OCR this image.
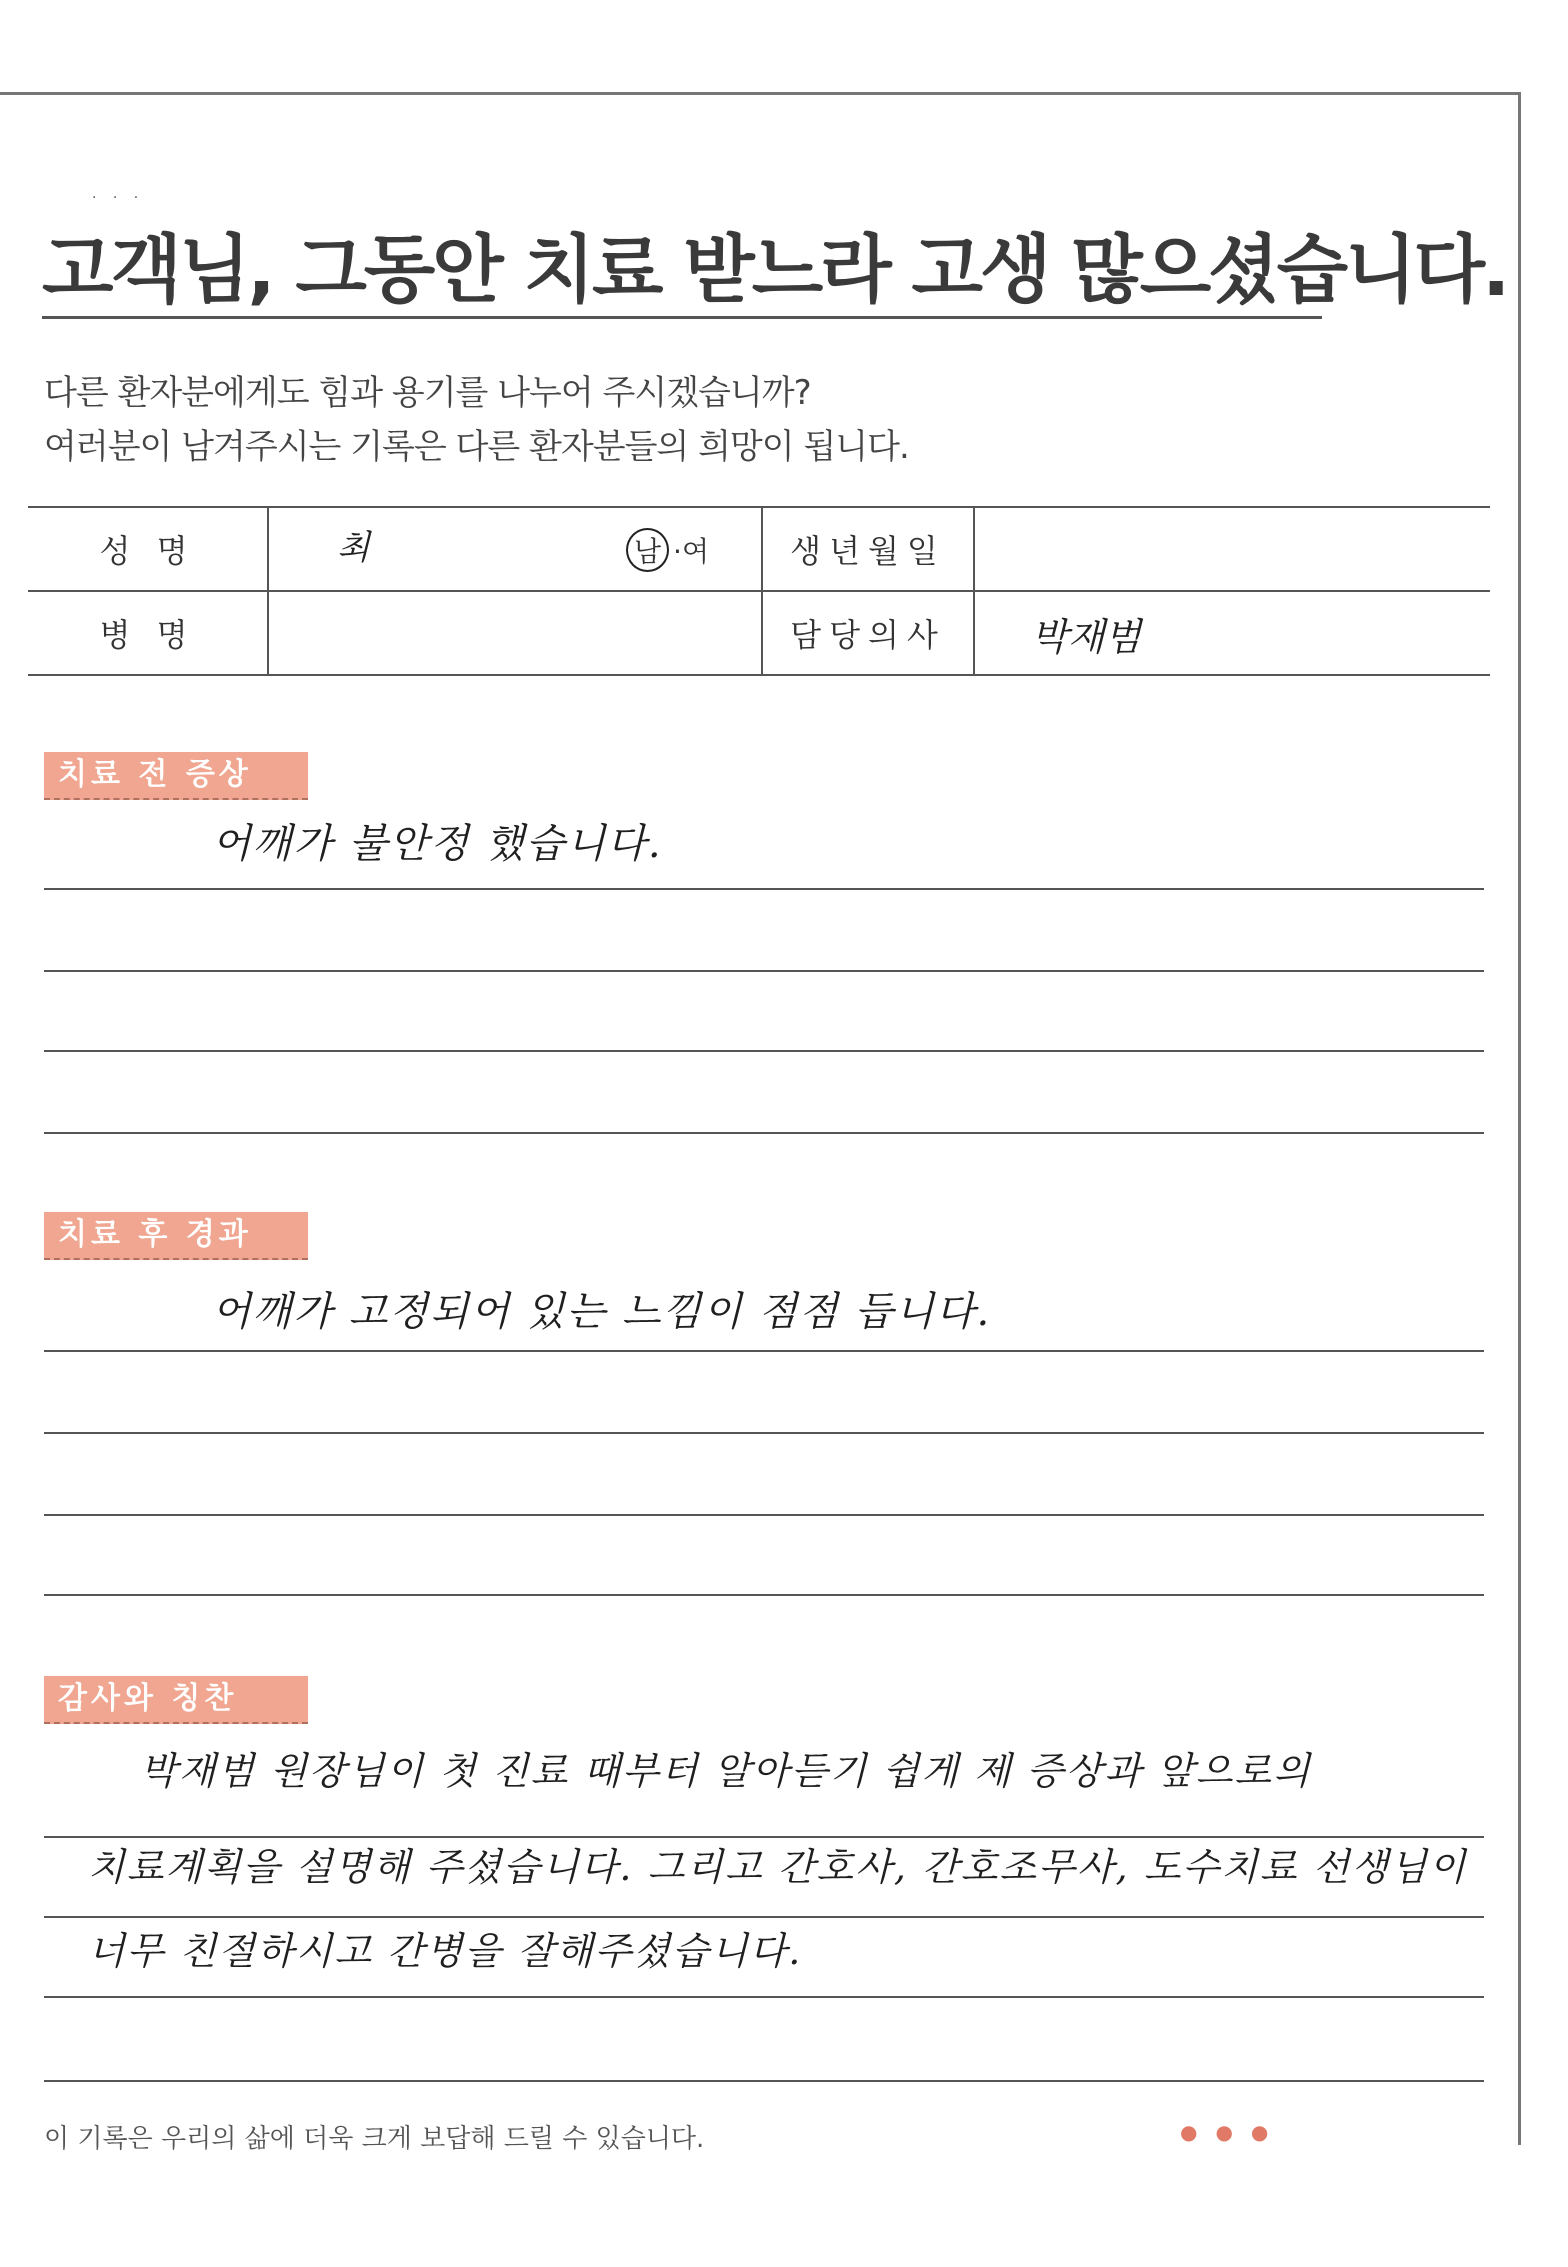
· · ·
고객님, 그동안 치료 받느라 고생 많으셨습니다.
다른 환자분에게도 힘과 용기를 나누어 주시겠습니까?
여러분이 남겨주시는 기록은 다른 환자분들의 희망이 됩니다.
성 명	최 남 ·여	생년월일	
병 명		담당의사	박재범
치료 전 증상
어깨가 불안정 했습니다.
치료 후 경과
어깨가 고정되어 있는 느낌이 점점 듭니다.
감사와 칭찬
박재범 원장님이 첫 진료 때부터 알아듣기 쉽게 제 증상과 앞으로의
치료계획을 설명해 주셨습니다. 그리고 간호사, 간호조무사, 도수치료 선생님이
너무 친절하시고 간병을 잘해주셨습니다.
이 기록은 우리의 삶에 더욱 크게 보답해 드릴 수 있습니다.	●●●
